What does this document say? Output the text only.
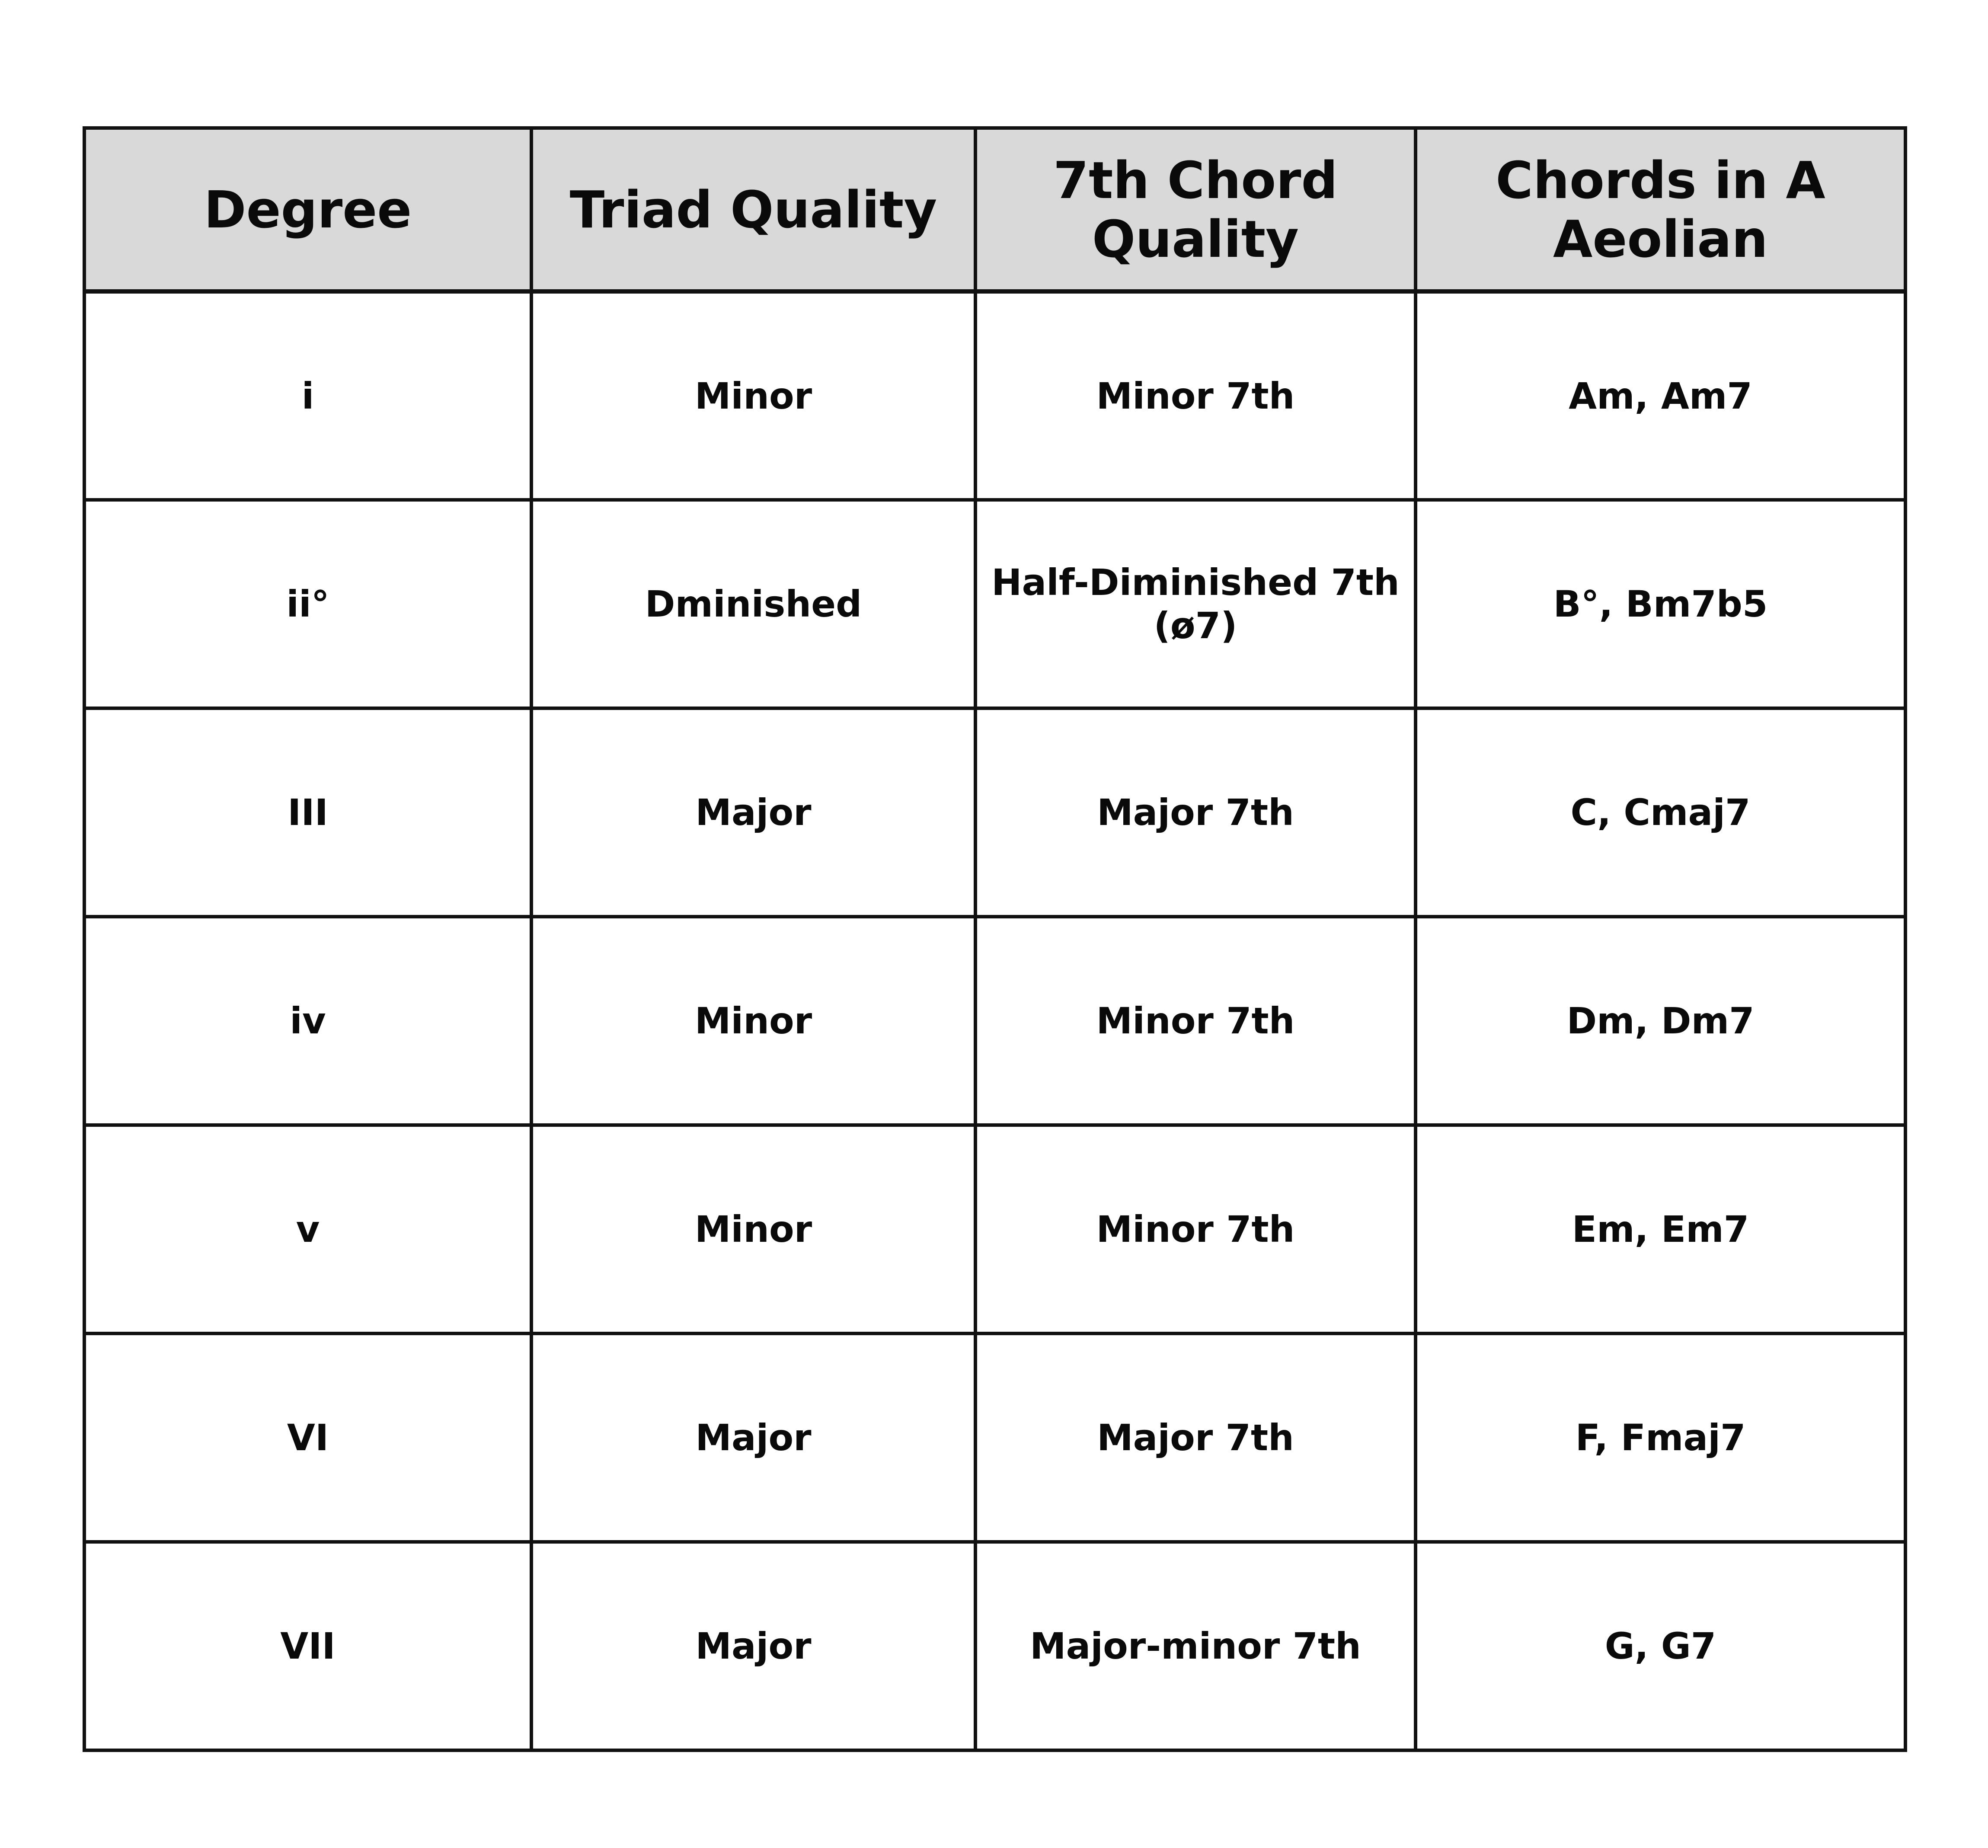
Degree	Triad Quality	7th Chord Quality	Chords in A Aeolian
i	Minor	Minor 7th	Am, Am7
ii°	Dminished	Half-Diminished 7th (ø7)	B°, Bm7b5
III	Major	Major 7th	C, Cmaj7
iv	Minor	Minor 7th	Dm, Dm7
v	Minor	Minor 7th	Em, Em7
VI	Major	Major 7th	F, Fmaj7
VII	Major	Major-minor 7th	G, G7
